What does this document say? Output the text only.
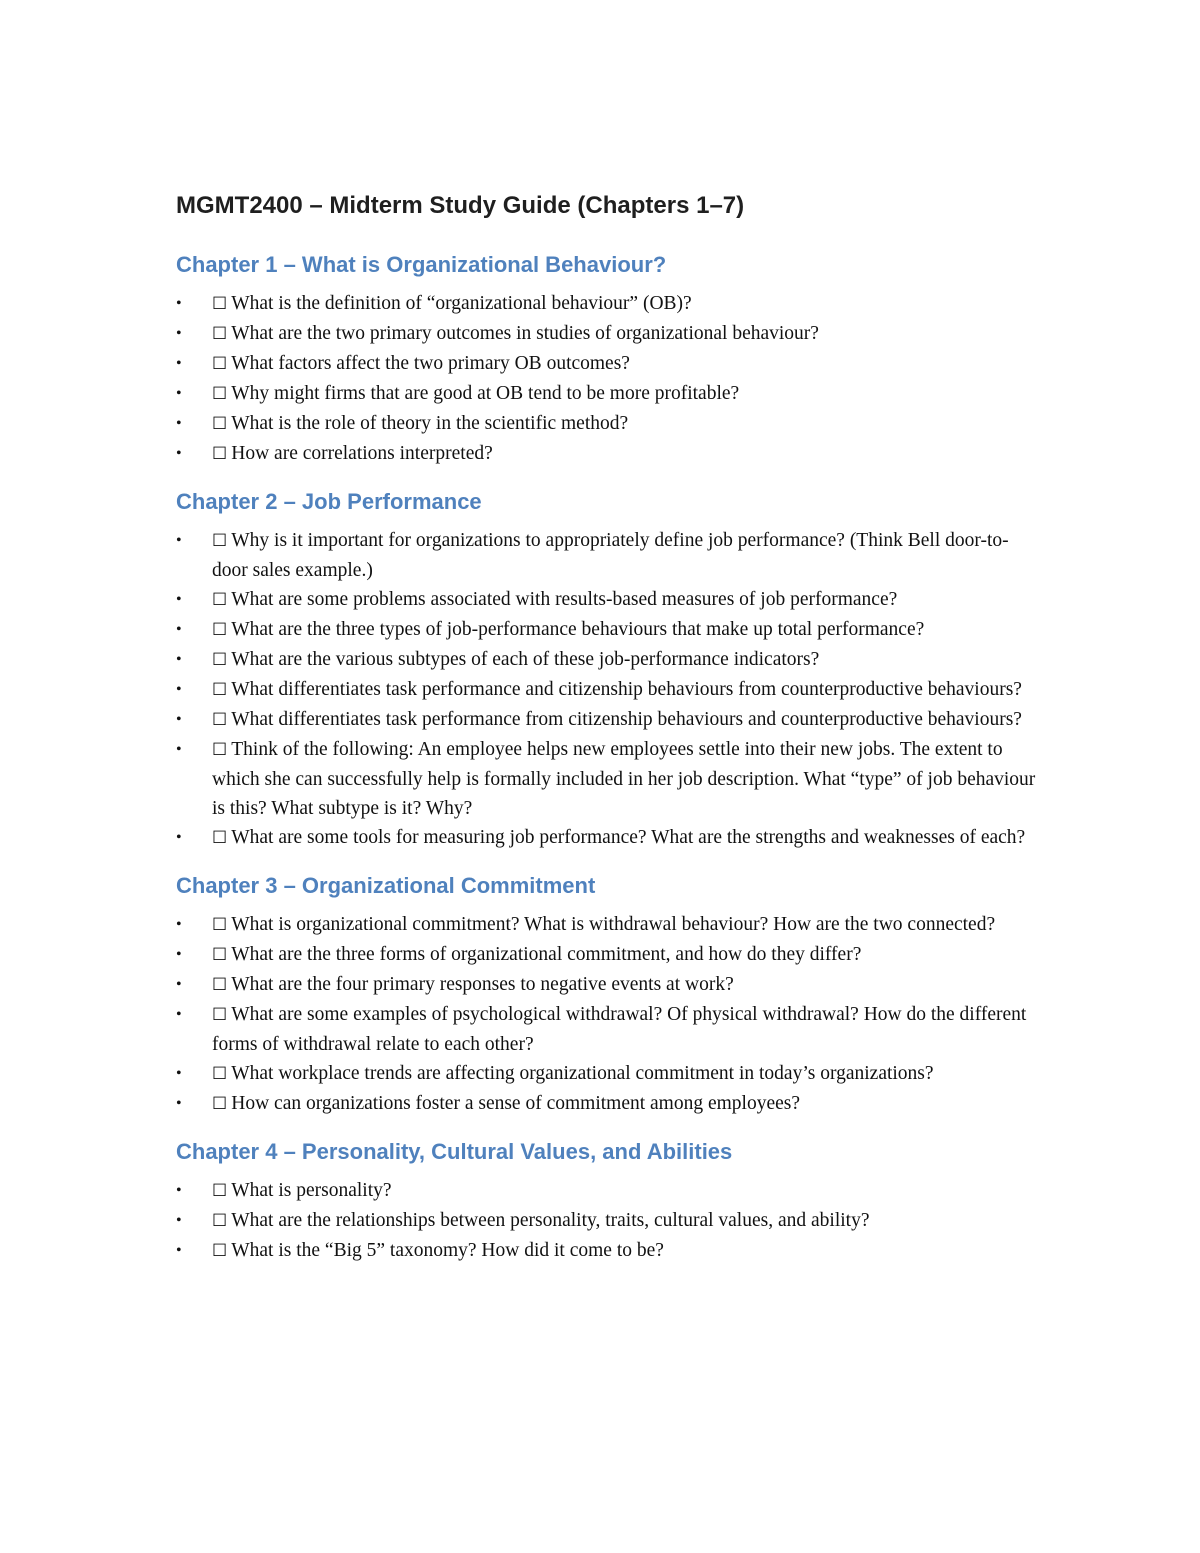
MGMT2400 – Midterm Study Guide (Chapters 1–7)
Chapter 1 – What is Organizational Behaviour?
•	☐ What is the definition of “organizational behaviour” (OB)?
•	☐ What are the two primary outcomes in studies of organizational behaviour?
•	☐ What factors affect the two primary OB outcomes?
•	☐ Why might firms that are good at OB tend to be more profitable?
•	☐ What is the role of theory in the scientific method?
•	☐ How are correlations interpreted?
Chapter 2 – Job Performance
•	☐ Why is it important for organizations to appropriately define job performance? (Think Bell door-to-door sales example.)
•	☐ What are some problems associated with results-based measures of job performance?
•	☐ What are the three types of job-performance behaviours that make up total performance?
•	☐ What are the various subtypes of each of these job-performance indicators?
•	☐ What differentiates task performance and citizenship behaviours from counterproductive behaviours?
•	☐ What differentiates task performance from citizenship behaviours and counterproductive behaviours?
•	☐ Think of the following: An employee helps new employees settle into their new jobs. The extent to which she can successfully help is formally included in her job description. What “type” of job behaviour is this? What subtype is it? Why?
•	☐ What are some tools for measuring job performance? What are the strengths and weaknesses of each?
Chapter 3 – Organizational Commitment
•	☐ What is organizational commitment? What is withdrawal behaviour? How are the two connected?
•	☐ What are the three forms of organizational commitment, and how do they differ?
•	☐ What are the four primary responses to negative events at work?
•	☐ What are some examples of psychological withdrawal? Of physical withdrawal? How do the different forms of withdrawal relate to each other?
•	☐ What workplace trends are affecting organizational commitment in today’s organizations?
•	☐ How can organizations foster a sense of commitment among employees?
Chapter 4 – Personality, Cultural Values, and Abilities
•	☐ What is personality?
•	☐ What are the relationships between personality, traits, cultural values, and ability?
•	☐ What is the “Big 5” taxonomy? How did it come to be?
